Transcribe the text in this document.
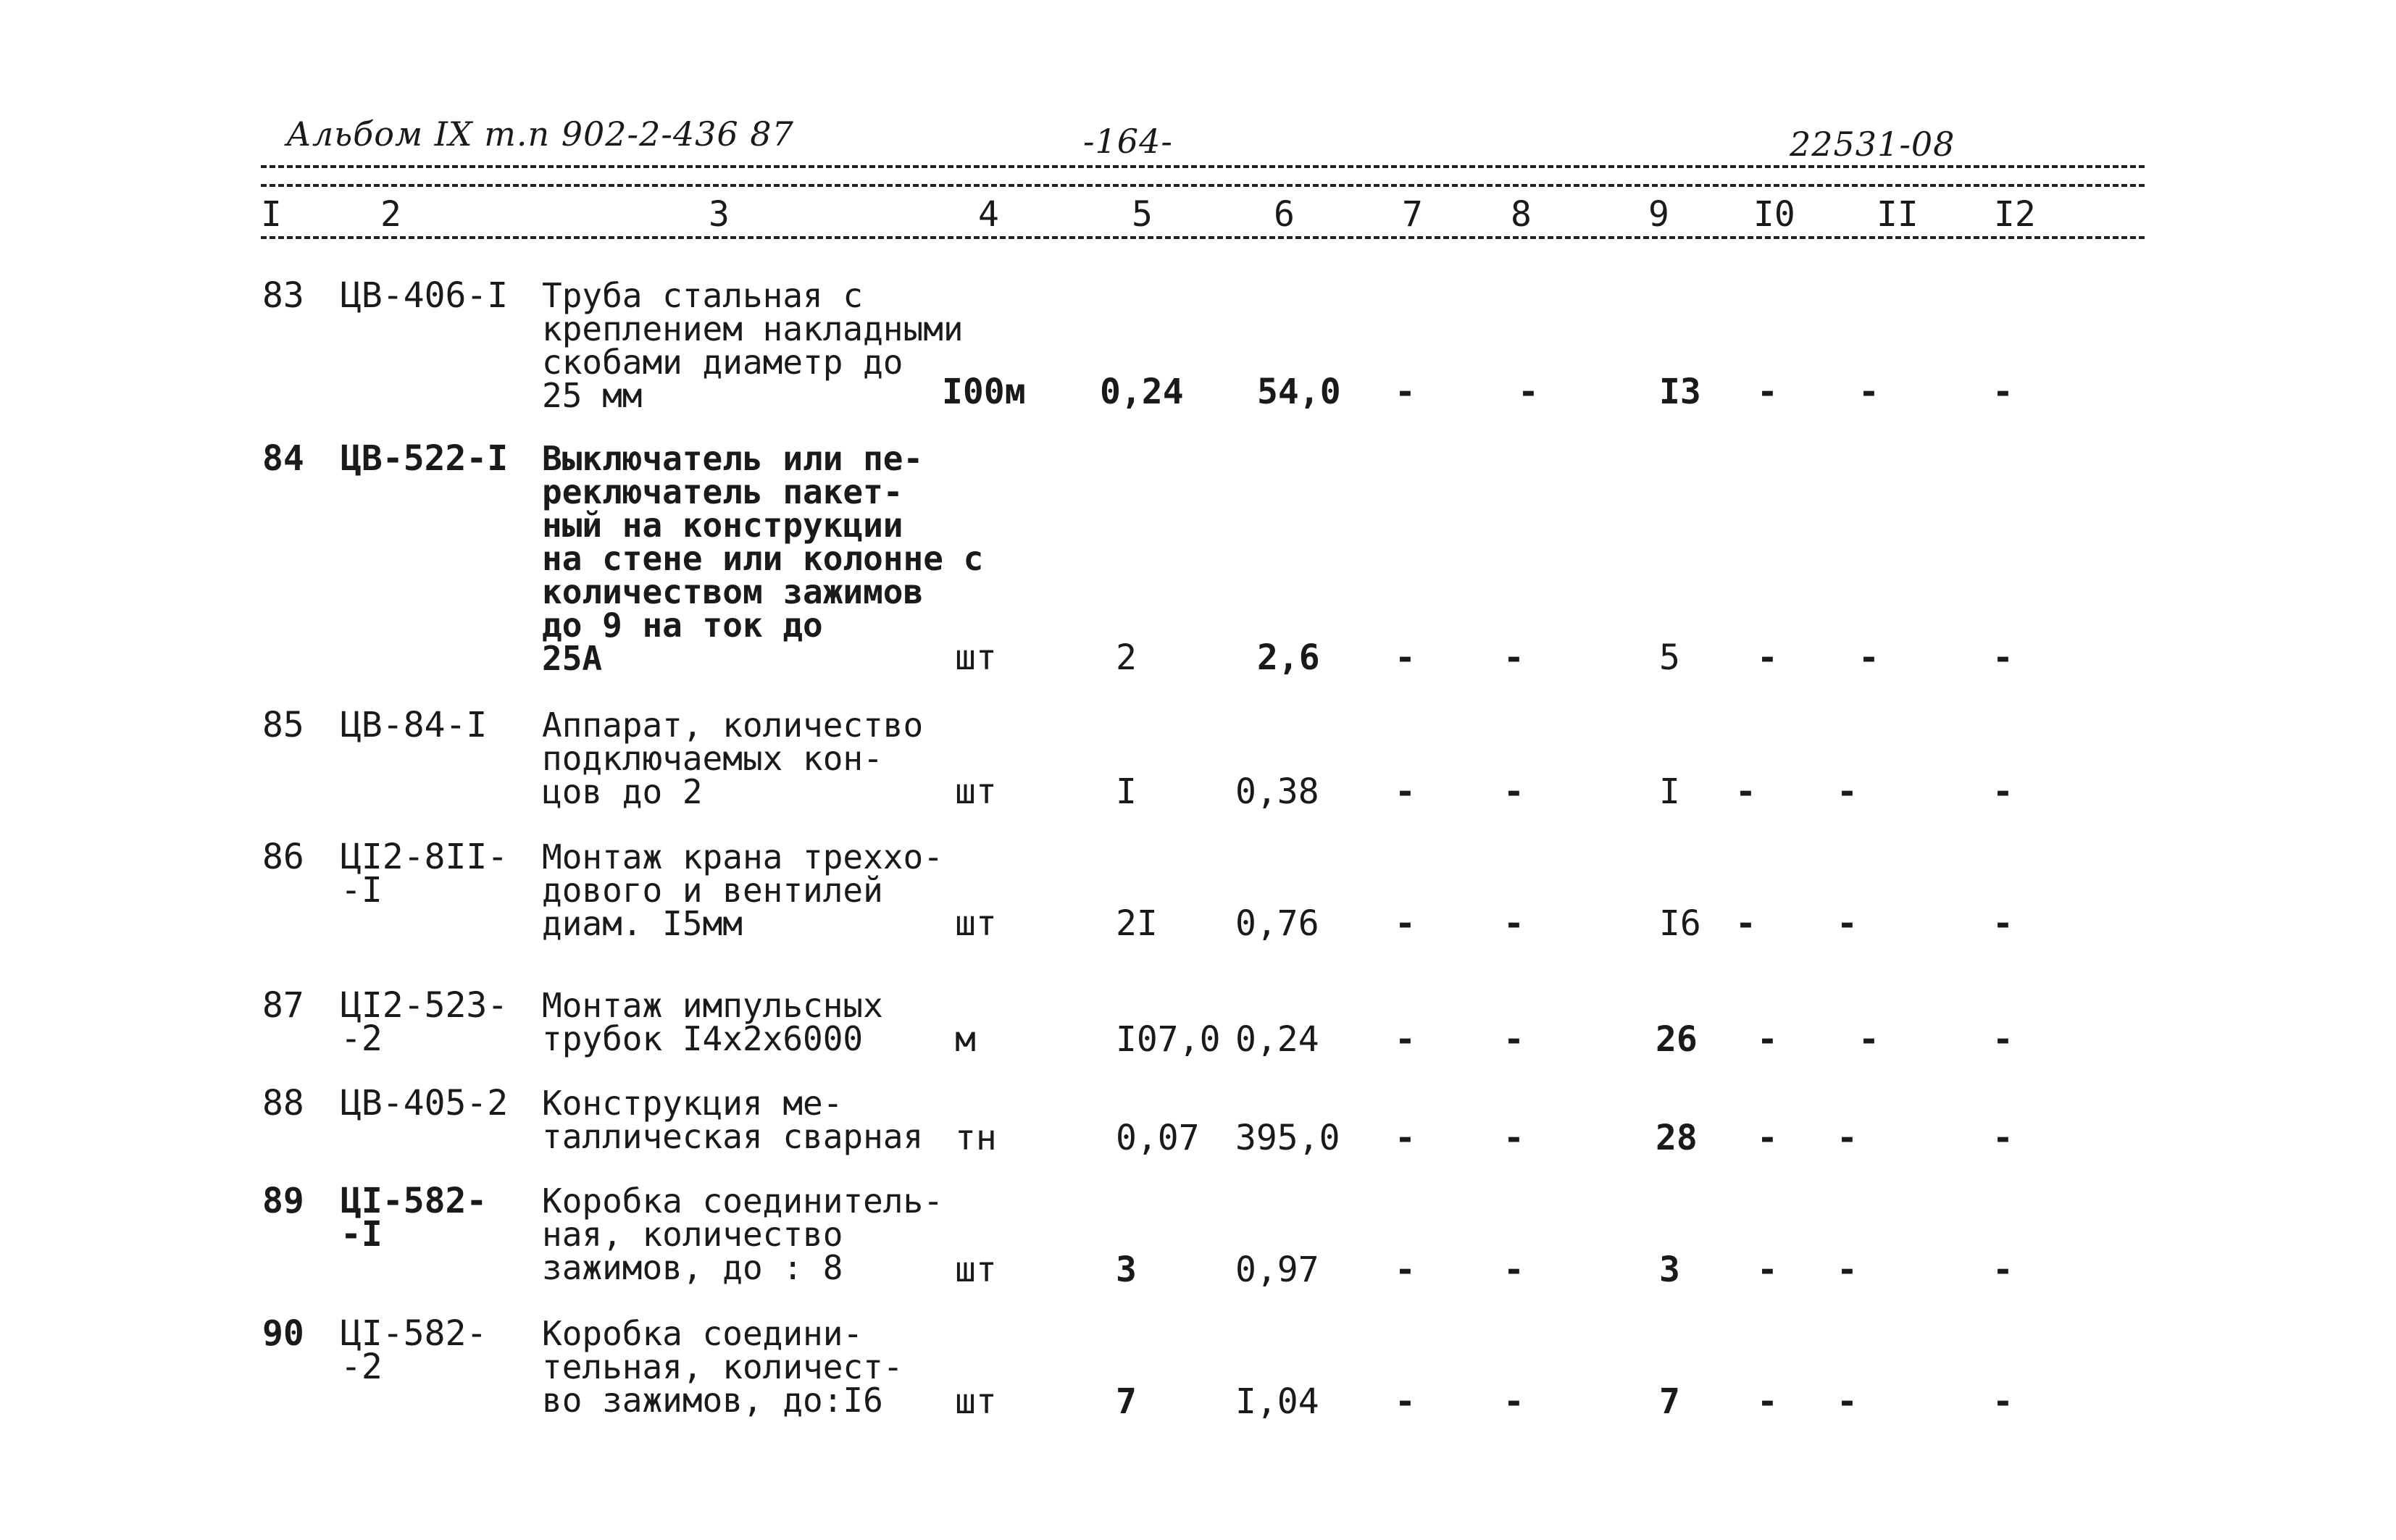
Альбом IX т.п 902-2-436 87	-164-	22531-08
I	2	3	4	5	6	7	8	9 I0 II I2
83 ЦВ-406-I Труба стальная с
креплением накладными
скобами диаметр до
25 мм	I00м 0,24 54,0 -	-	I3 - -	-
84 ЦВ-522-I Выключатель или пе-
реключатель пакет-
ный на конструкции
на стене или колонне с
количеством зажимов
до 9 на ток до
25А	шт	2	2,6 -	-	5 - -	-
85 ЦВ-84-I Аппарат, количество
подключаемых кон-
цов до 2	шт	I	0,38 -	-	I - -	-
86 ЦI2-8II-
-I
Монтаж крана трехxо-
дового и вентилей
диам. I5мм	шт	2I 0,76 -	-	I6 - -	-
87 ЦI2-523-
-2
Монтаж импульсных
трубок I4x2x6000	м	I07,0 0,24 -	-	26 - -	-
88 ЦВ-405-2 Конструкция ме-
таллическая сварная тн	0,07 395,0 -	-	28 - -	-
89 ЦI-582-
-I
Коробка соединитель-
ная, количество
зажимов, до : 8	шт	3	0,97 -	-	3 - -	-
90 ЦI-582-
-2
Коробка соедини-
тельная, количест-
во зажимов, до:I6	шт	7	I,04 -	-	7 - -	-
